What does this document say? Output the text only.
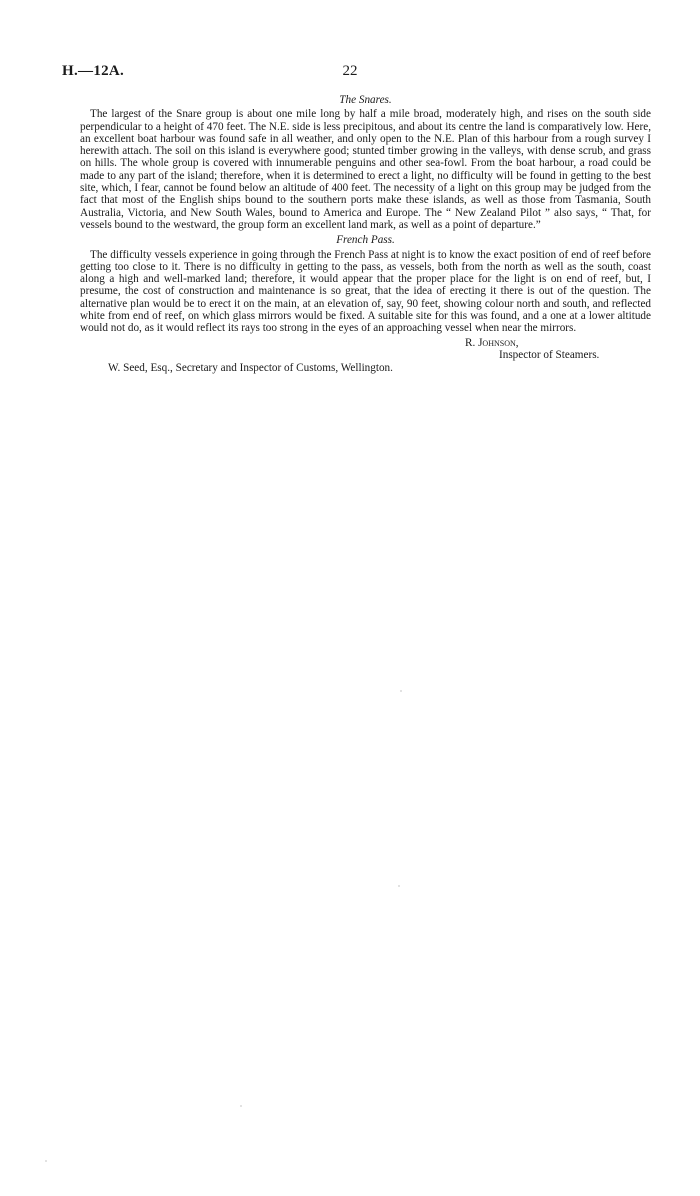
H.—12A.	22

The Snares.

The largest of the Snare group is about one mile long by half a mile broad, moderately high, and rises on the south side perpendicular to a height of 470 feet. The N.E. side is less precipitous, and about its centre the land is comparatively low. Here, an excellent boat harbour was found safe in all weather, and only open to the N.E. Plan of this harbour from a rough survey I herewith attach. The soil on this island is everywhere good; stunted timber growing in the valleys, with dense scrub, and grass on hills. The whole group is covered with innumerable penguins and other sea-fowl. From the boat harbour, a road could be made to any part of the island; therefore, when it is determined to erect a light, no difficulty will be found in getting to the best site, which, I fear, cannot be found below an altitude of 400 feet. The necessity of a light on this group may be judged from the fact that most of the English ships bound to the southern ports make these islands, as well as those from Tasmania, South Australia, Victoria, and New South Wales, bound to America and Europe. The “ New Zealand Pilot ” also says, “ That, for vessels bound to the westward, the group form an excellent land mark, as well as a point of departure.”

French Pass.

The difficulty vessels experience in going through the French Pass at night is to know the exact position of end of reef before getting too close to it. There is no difficulty in getting to the pass, as vessels, both from the north as well as the south, coast along a high and well-marked land; therefore, it would appear that the proper place for the light is on end of reef, but, I presume, the cost of construction and maintenance is so great, that the idea of erecting it there is out of the question. The alternative plan would be to erect it on the main, at an elevation of, say, 90 feet, showing colour north and south, and reflected white from end of reef, on which glass mirrors would be fixed. A suitable site for this was found, and a one at a lower altitude would not do, as it would reflect its rays too strong in the eyes of an approaching vessel when near the mirrors.

R. Johnson,
Inspector of Steamers.

W. Seed, Esq., Secretary and Inspector of Customs, Wellington.
